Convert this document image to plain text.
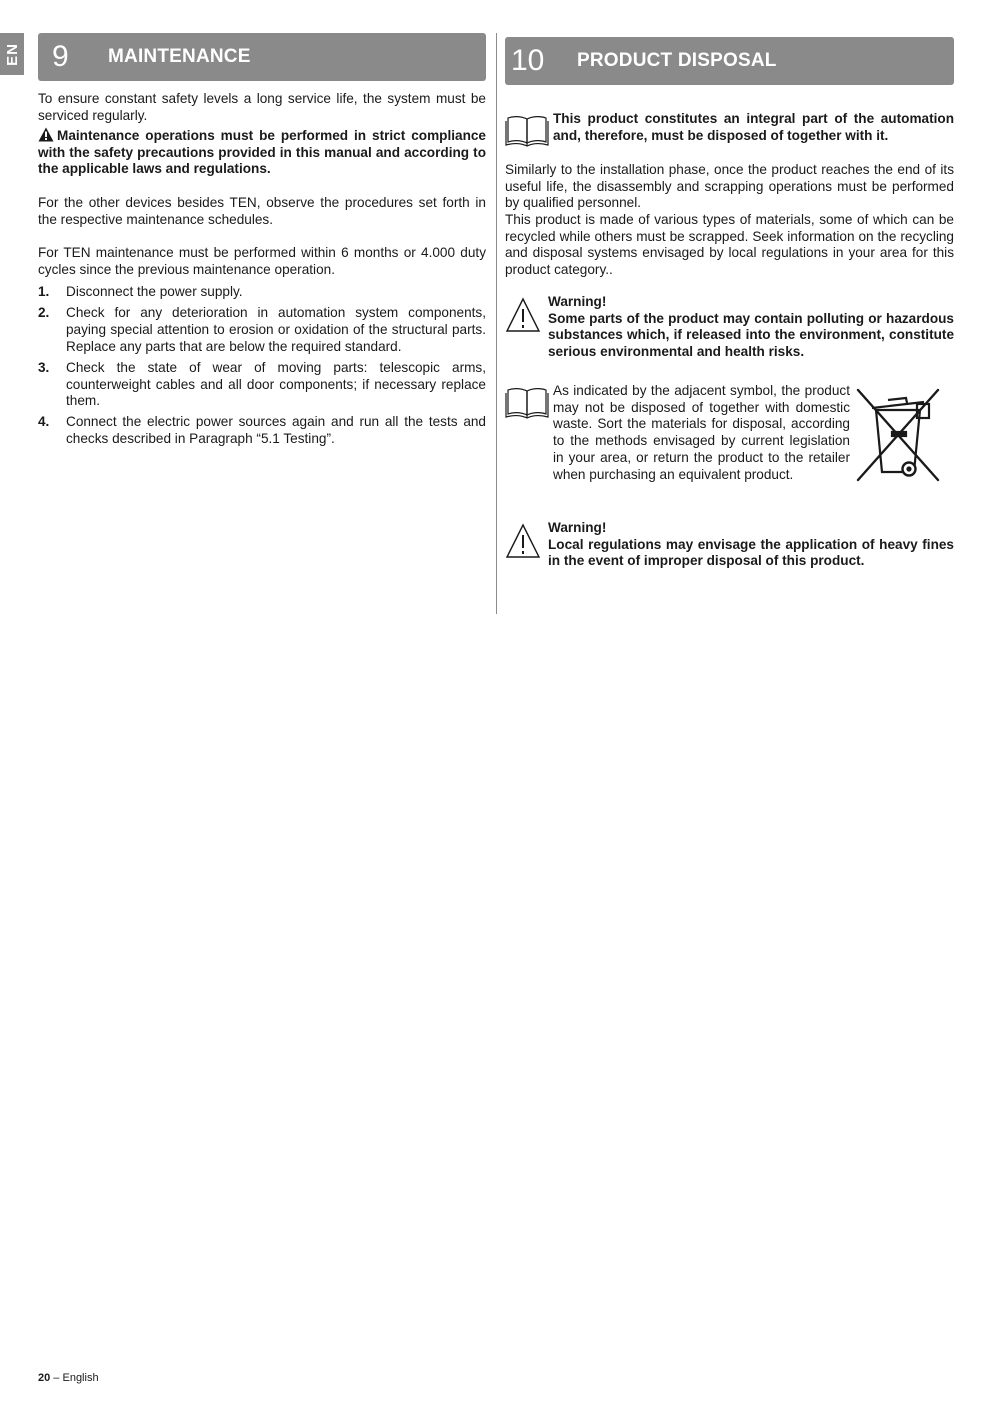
EN	9	MAINTENANCE

To ensure constant safety levels a long service life, the system must be serviced regularly.

Maintenance operations must be performed in strict compliance with the safety precautions provided in this manual and according to the applicable laws and regulations.

For the other devices besides TEN, observe the procedures set forth in the respective maintenance schedules.

For TEN maintenance must be performed within 6 months or 4.000 duty cycles since the previous maintenance operation.

1. Disconnect the power supply.
2. Check for any deterioration in automation system components, paying special attention to erosion or oxidation of the structural parts. Replace any parts that are below the required standard.
3. Check the state of wear of moving parts: telescopic arms, counterweight cables and all door components; if necessary replace them.
4. Connect the electric power sources again and run all the tests and checks described in Paragraph “5.1 Testing”.
10	PRODUCT DISPOSAL

This product constitutes an integral part of the automation and, therefore, must be disposed of together with it.

Similarly to the installation phase, once the product reaches the end of its useful life, the disassembly and scrapping operations must be performed by qualified personnel.

This product is made of various types of materials, some of which can be recycled while others must be scrapped. Seek information on the recycling and disposal systems envisaged by local regulations in your area for this product category..

Warning!

Some parts of the product may contain polluting or hazardous substances which, if released into the environment, constitute serious environmental and health risks.

As indicated by the adjacent symbol, the product may not be disposed of together with domestic waste. Sort the materials for disposal, according to the methods envisaged by current legislation in your area, or return the product to the retailer when purchasing an equivalent product.

Warning!

Local regulations may envisage the application of heavy fines in the event of improper disposal of this product.

20 – English
